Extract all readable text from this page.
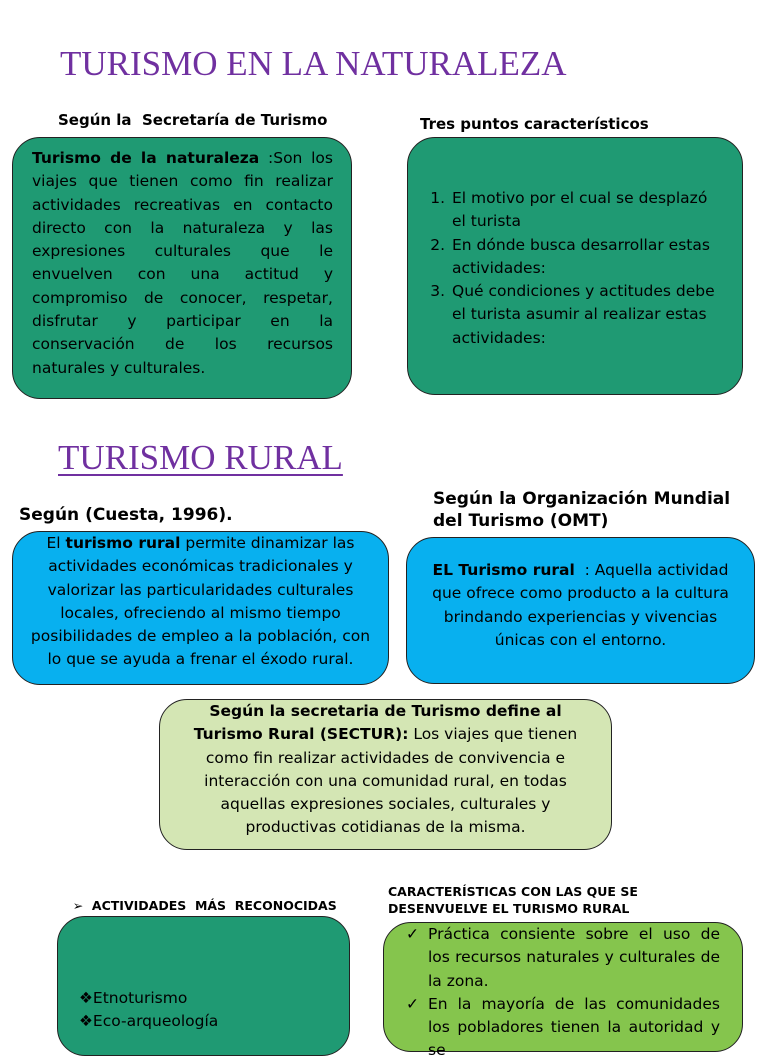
TURISMO EN LA NATURALEZA
Según la  Secretaría de Turismo	Tres puntos característicos
Turismo de la naturaleza :Son los viajes que tienen como fin realizar actividades recreativas en contacto directo con la naturaleza y las expresiones culturales que le envuelven con una actitud y compromiso de conocer, respetar, disfrutar y participar en la conservación de los recursos naturales y culturales.
1. El motivo por el cual se desplazó el turista
2. En dónde busca desarrollar estas actividades:
3. Qué condiciones y actitudes debe el turista asumir al realizar estas actividades:
TURISMO RURAL
Según (Cuesta, 1996).
Según la Organización Mundial del Turismo (OMT)
El turismo rural permite dinamizar las actividades económicas tradicionales y valorizar las particularidades culturales locales, ofreciendo al mismo tiempo posibilidades de empleo a la población, con lo que se ayuda a frenar el éxodo rural.
EL Turismo rural  : Aquella actividad que ofrece como producto a la cultura brindando experiencias y vivencias únicas con el entorno.
Según la secretaria de Turismo define al Turismo Rural (SECTUR): Los viajes que tienen como fin realizar actividades de convivencia e interacción con una comunidad rural, en todas aquellas expresiones sociales, culturales y productivas cotidianas de la misma.

➢ ACTIVIDADES  MÁS  RECONOCIDAS

CARACTERÍSTICAS CON LAS QUE SE DESENVUELVE EL TURISMO RURAL
❖Etnoturismo
❖Eco-arqueología
✓ Práctica consiente sobre el uso de los recursos naturales y culturales de la zona.
✓ En la mayoría de las comunidades los pobladores tienen la autoridad y se
